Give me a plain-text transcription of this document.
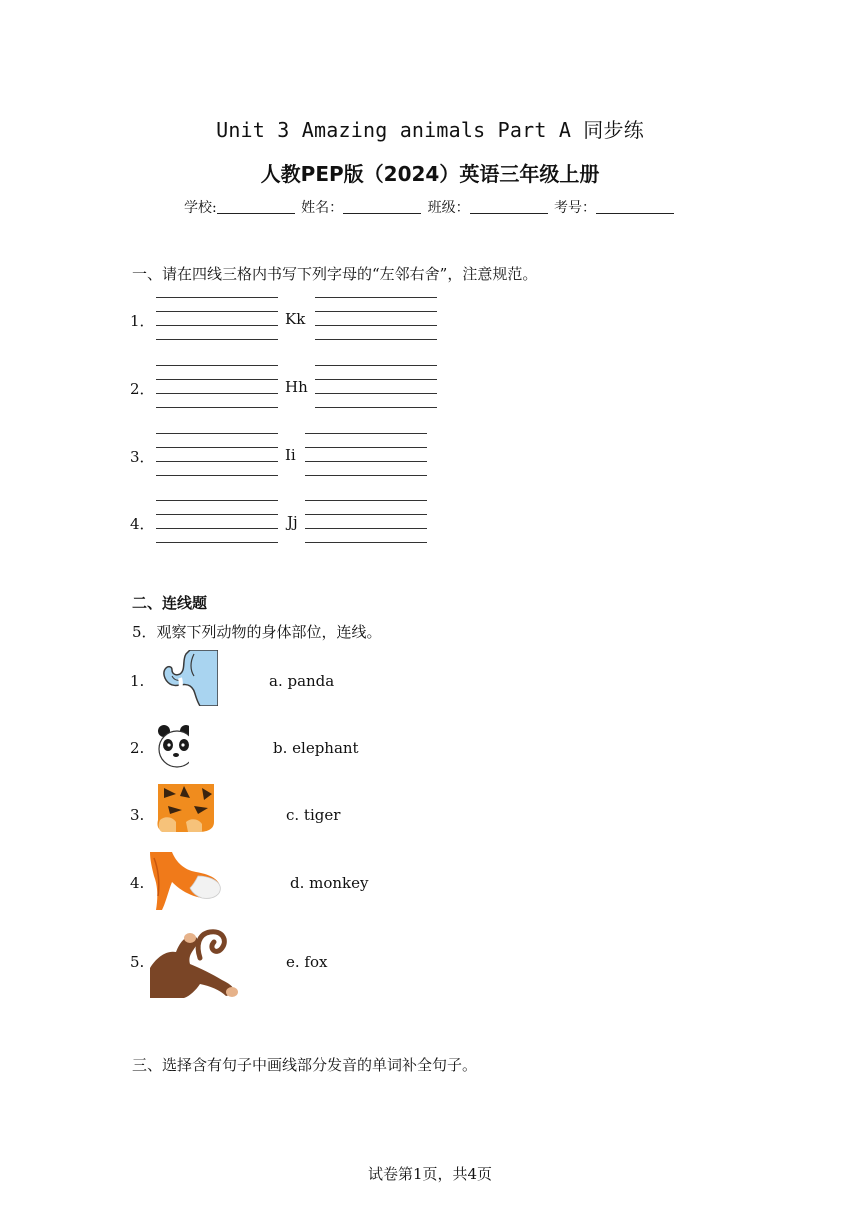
Unit 3 Amazing animals Part A 同步练
人教PEP版（2024）英语三年级上册
学校:	姓名：	班级：	考号：
一、请在四线三格内书写下列字母的“左邻右舍”，注意规范。
1．	Kk
2．	Hh
3．	Ii
4．	Jj
二、连线题
5．观察下列动物的身体部位，连线。
1.	a. panda
2.	b. elephant
3.	c. tiger
4.	d. monkey
5.	e. fox
三、选择含有句子中画线部分发音的单词补全句子。
试卷第1页，共4页
